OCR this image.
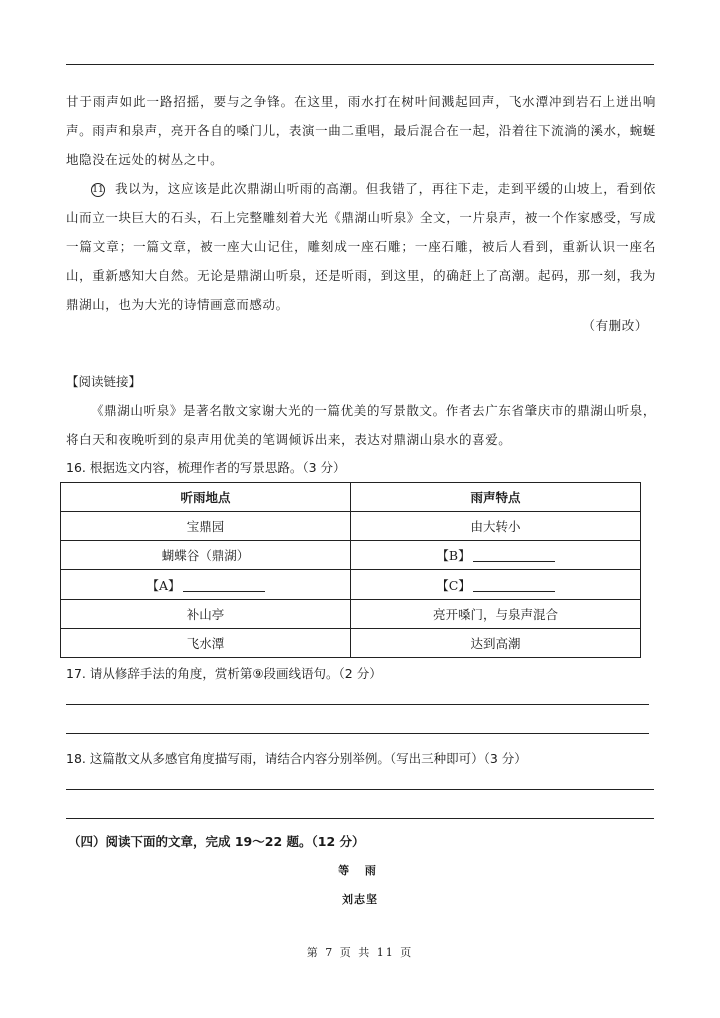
甘于雨声如此一路招摇，要与之争锋。在这里，雨水打在树叶间溅起回声，飞水潭冲到岩石上迸出响声。雨声和泉声，亮开各自的嗓门儿，表演一曲二重唱，最后混合在一起，沿着往下流淌的溪水，蜿蜒地隐没在远处的树丛之中。

11 我以为，这应该是此次鼎湖山听雨的高潮。但我错了，再往下走，走到平缓的山坡上，看到依山而立一块巨大的石头，石上完整雕刻着大光《鼎湖山听泉》全文，一片泉声，被一个作家感受，写成一篇文章；一篇文章，被一座大山记住，雕刻成一座石雕；一座石雕，被后人看到，重新认识一座名山，重新感知大自然。无论是鼎湖山听泉，还是听雨，到这里，的确赶上了高潮。起码，那一刻，我为鼎湖山，也为大光的诗情画意而感动。

（有删改）
【阅读链接】

《鼎湖山听泉》是著名散文家谢大光的一篇优美的写景散文。作者去广东省肇庆市的鼎湖山听泉，将白天和夜晚听到的泉声用优美的笔调倾诉出来，表达对鼎湖山泉水的喜爱。

16. 根据选文内容，梳理作者的写景思路。（3 分）
听雨地点	雨声特点
宝鼎园	由大转小
蝴蝶谷（鼎湖）	【B】
【A】	【C】
补山亭	亮开嗓门，与泉声混合
飞水潭	达到高潮
17. 请从修辞手法的角度，赏析第⑨段画线语句。（2 分）
18. 这篇散文从多感官角度描写雨，请结合内容分别举例。（写出三种即可）（3 分）
（四）阅读下面的文章，完成 19～22 题。（12 分）
等 雨
刘志坚
第 7 页 共 11 页
